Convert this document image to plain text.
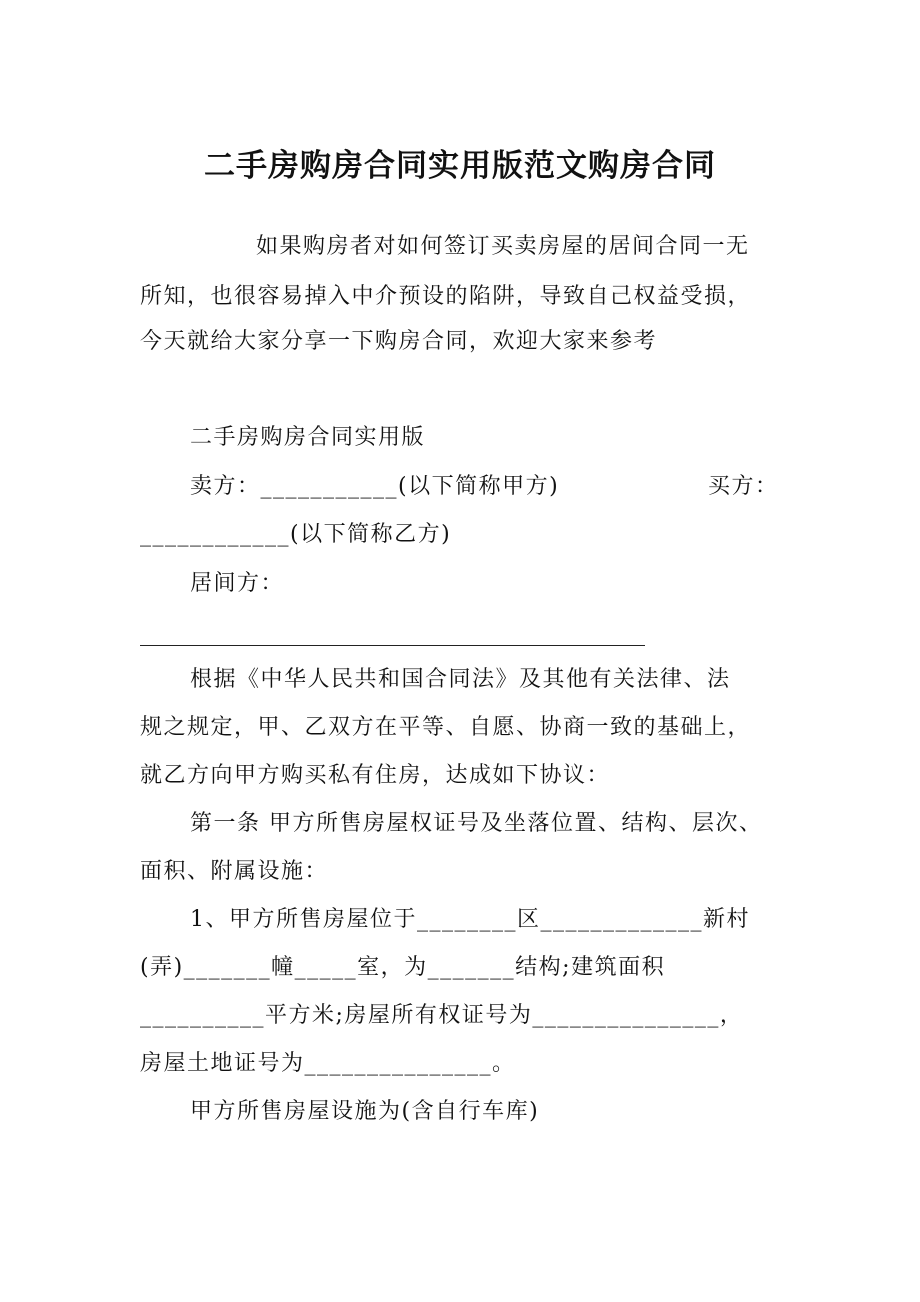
二手房购房合同实用版范文购房合同
如果购房者对如何签订买卖房屋的居间合同一无
所知，也很容易掉入中介预设的陷阱，导致自己权益受损，
今天就给大家分享一下购房合同，欢迎大家来参考
二手房购房合同实用版
卖方：___________(以下简称甲方)	买方：
____________(以下简称乙方)
居间方：
根据《中华人民共和国合同法》及其他有关法律、法
规之规定，甲、乙双方在平等、自愿、协商一致的基础上，
就乙方向甲方购买私有住房，达成如下协议：
第一条 甲方所售房屋权证号及坐落位置、结构、层次、
面积、附属设施：
1、甲方所售房屋位于________区_____________新村
(弄)_______幢_____室，为_______结构;建筑面积
__________平方米;房屋所有权证号为_______________，
房屋土地证号为_______________。
甲方所售房屋设施为(含自行车库)
